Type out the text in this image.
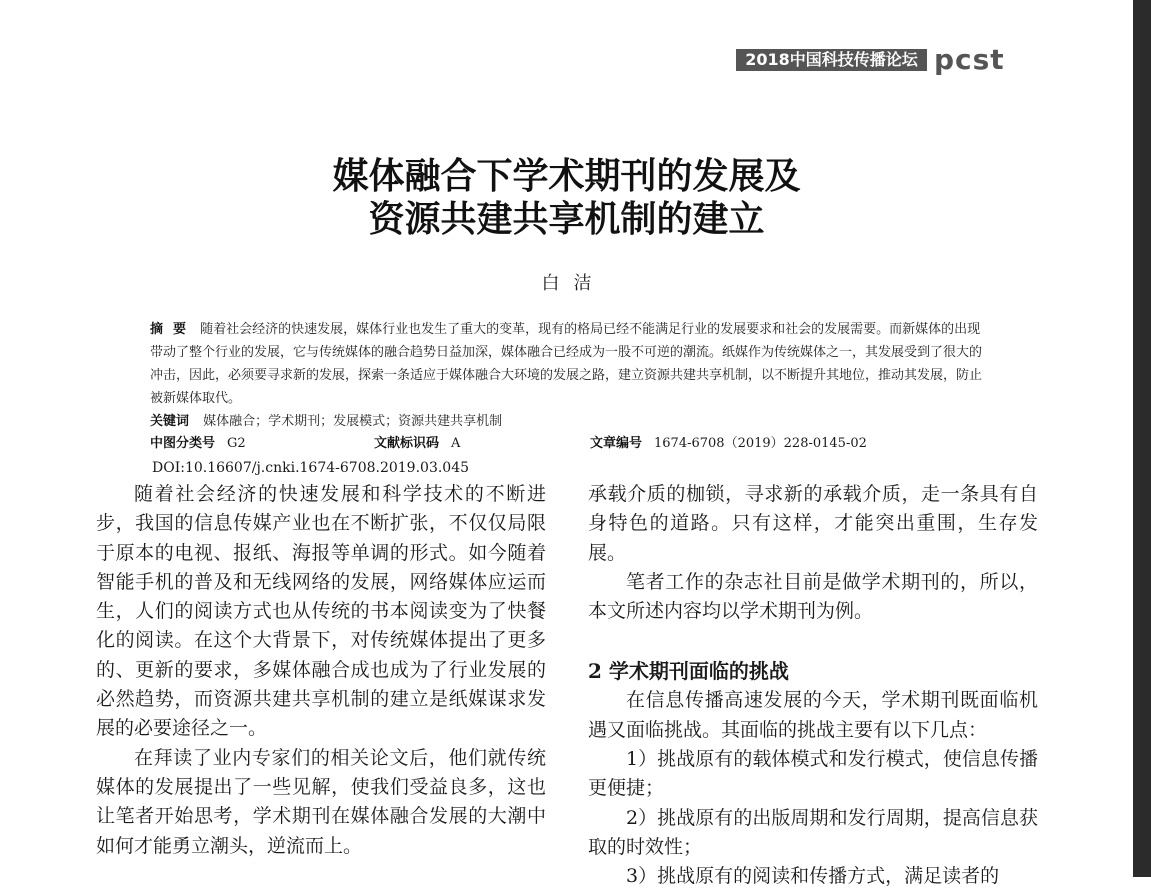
2018中国科技传播论坛 pcst
媒体融合下学术期刊的发展及
资源共建共享机制的建立
白洁
摘要 随着社会经济的快速发展，媒体行业也发生了重大的变革，现有的格局已经不能满足行业的发展要求和社会的发展需要。而新媒体的出现带动了整个行业的发展，它与传统媒体的融合趋势日益加深，媒体融合已经成为一股不可逆的潮流。纸媒作为传统媒体之一，其发展受到了很大的冲击，因此，必须要寻求新的发展，探索一条适应于媒体融合大环境的发展之路，建立资源共建共享机制，以不断提升其地位，推动其发展，防止被新媒体取代。
关键词 媒体融合；学术期刊；发展模式；资源共建共享机制
中图分类号 G2	文献标识码 A	文章编号 1674-6708（2019）228-0145-02
DOI:10.16607/j.cnki.1674-6708.2019.03.045

随着社会经济的快速发展和科学技术的不断进步，我国的信息传媒产业也在不断扩张，不仅仅局限于原本的电视、报纸、海报等单调的形式。如今随着智能手机的普及和无线网络的发展，网络媒体应运而生，人们的阅读方式也从传统的书本阅读变为了快餐化的阅读。在这个大背景下，对传统媒体提出了更多的、更新的要求，多媒体融合成也成为了行业发展的必然趋势，而资源共建共享机制的建立是纸媒谋求发展的必要途径之一。

在拜读了业内专家们的相关论文后，他们就传统媒体的发展提出了一些见解，使我们受益良多，这也让笔者开始思考，学术期刊在媒体融合发展的大潮中如何才能勇立潮头，逆流而上。

承载介质的枷锁，寻求新的承载介质，走一条具有自身特色的道路。只有这样，才能突出重围，生存发展。

笔者工作的杂志社目前是做学术期刊的，所以，本文所述内容均以学术期刊为例。

2 学术期刊面临的挑战

在信息传播高速发展的今天，学术期刊既面临机遇又面临挑战。其面临的挑战主要有以下几点：

1）挑战原有的载体模式和发行模式，使信息传播更便捷；

2）挑战原有的出版周期和发行周期，提高信息获取的时效性；

3）挑战原有的阅读和传播方式，满足读者的
